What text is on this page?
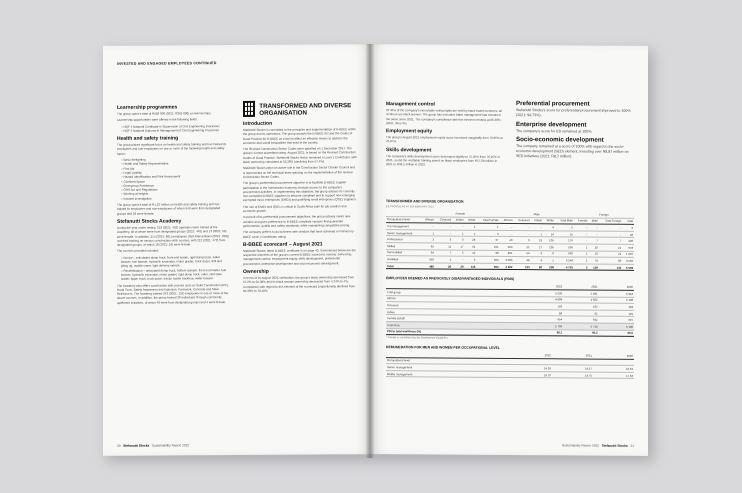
INVESTED AND ENGAGED EMPLOYEES CONTINUED
Learnership programmes

The group spent a total of R558 000 (2021: R265 000) on learnerships.

Learnership opportunities were offered in the following fields:

– NQF 4 National Certificate in Supervision of Civil Engineering Processes

– NQF 3 National Diploma in Management of Civil Engineering Processes

Health and safety training

The group places significant focus on health and safety training and has trained its employees and non-employees on one or more of the following health and safety topics:

– Basic firefighting

– Health and Safety Representative

– First Aid

– Legal Liability

– Hazard Identification and Risk Assessment

– Confined Space

– Emergency Assistance

– OHS Act and Regulations

– Working at heights

– Incident investigation

The group spent a total of R1,25 million on health and safety training and has trained its employees and non-employees of whom 949 were from designated groups and 28 were female.

Stefanutti Stocks Academy

During the year under review, 219 (2021: 452) operators were trained at the Academy, all of whom were from designated groups (2021: 440) and 13 (2021: 50) were female. In addition, 314 (2021: 681) employees (458 interventions (2021: 958)) received training on various construction skills courses, with 213 (2021: 472) from designated groups, of which 18 (2021: 54) were female.

The courses provided included:

– Novice – articulated dump truck, front end loader, rigid dump truck, water bowser, fuel bowser, hydraulic excavator, motor grader, truck dozer, drill and piling rig, mobile crane, light delivery vehicle.

– Recertification – articulated dump truck, bottom dumper, front end loader, fuel bowser, hydraulic excavator, motor grader, rigid dump truck, roller, skid steer loader, tipper truck, truck dozer, tractor loader backhoe, water bowser.

The Academy also offers construction skill courses such as Solid Construction (IPF), Hand Tools, Safety Awareness and Induction, Formwork, Concrete and Steel Reinforcers. The Academy trained 242 (2021: 134) employees in one or more of the above courses. In addition, the group trained 28 individuals through community upliftment initiatives, of which 46 were from designated groups and 4 were female.

TRANSFORMED AND DIVERSE ORGANISATION
Introduction

Stefanutti Stocks is committed to the principles and implementation of B-BBEE within the group and its operations. The group accepts the B-BBEE Act and the Codes of Good Practice for B-BBEE as a tool to effect an effective means to address the economic and social inequalities that exist in the country.

The Revised Construction Sector Codes were gazetted on 1 December 2017. The group's current accredited rating, August 2021, is based on the Revised Construction Codes of Good Practice. Stefanutti Stocks status remained a Level 1 Contributor, with black ownership calculated at 56,38% (declining from 57,4%).

Stefanutti Stocks plays an active role in the Construction Sector Charter Council and is represented on the technical team advising on the implementation of the revised Construction Sector Codes.

The group's preferential procurement objective is to facilitate B-BBEE supplier participation in the mainstream economy, through access to the company's procurement activities. In implementing this objective, the group advises its currently non-compliant B-BBEE suppliers to become compliant and to support new emerging exempted micro enterprises (EMEs) and qualifying small enterprises (QSE) suppliers.

The role of EMEs and QSEs is critical in South Africa both for job creation and economic growth.

In pursuit of its preferential procurement objectives, the group actively seeks new vendors and gives preference to B-BBEE compliant vendors that guarantee performance, quality and safety standards, while maintaining competitive pricing.

The company prefers to do business with vendors that have achieved a minimum B-BBEE Level 4 Contributor rating.

B-BBEE scorecard – August 2021

Stefanutti Stocks' latest B-BBEE certificate is on page 40. Summarised below are the respective elements of the group's current B-BBEE scorecard, namely: ownership, management control, employment equity, skills development, preferential procurement, enterprise development and socio-economic development.

Ownership

In terms of its August 2021 verification, the group's black ownership decreased from 57,2% to 56,38% and its black woman ownership decreased from 4,34% to 4%. Compliance with regard to this element of the scorecard proportionally declined from 95,38% to 79,48%.

20 Stefanutti Stocks Sustainability Report 2022
Management control

Of 40% of the company's executable voting rights are held by black board members, all of whom are black women. The group has executive black management has remained the same since 2021. The company's compliance with this element remains at 86,46% (2021: 86,57%).

Employment equity

The group's August 2021 employment equity score increased marginally from 70,65% to 70,87%.

Skills development

The company's skills development score decreased slightly to 75,05% from 76,25% in 2021, so did the verifiable training spend on black employees from R57,68 million in 2021 to R36,2 million in 2022.

Preferential procurement

Stefanutti Stocks's score for preferential procurement improved to 100% (2021: 94,73%).

Enterprise development

The company's score for ED remained at 100%.

Socio-economic development

The company remained at a score of 100% with regard to the socio-economic development (SED) element, investing over R8,87 million on SED initiatives (2021: R8,7 million).

TRANSFORMED AND DIVERSE ORGANISATION
EE PROFILE AS AT 28 FEBRUARY 2022
	Female					Male					Foreign			
Occupational level	African	Coloured	Indian	White	Total Female	African	Coloured	Indian	White	Total Male	Female	Male	Total Foreign	Total
Top management	–	–	–	1	1	–	–	–	4	5	–	–	–	6
Senior management	1	–	1	1	3	–	–	1	14	15	–	–	–	18
Professional	3	3	3	28	37	43	9	19	105	176	–	7	7	220
Skilled	62	11	17	61	151	353	22	27	105	506	1	20	21	678
Semi-skilled	64	7	5	22	98	831	54	9	9	903	1	23	24	1 025
Unskilled	356	5	–	3	364	3 095	48	4	1	3 148	1	79	80	3 592
Total	486	26	26	116	654	4 322	133	60	238	4 753	3	129	132	5 539
EMPLOYEES DEEMED AS PREVIOUSLY DISADVANTAGED INDIVIDUALS (PDIS)
	2022	2021	2020
Total group	5 539	5 481	5 944
African	4 808	4 822	5 198
Coloured	159	162	184
Indian	86	92	101
Female (total)*	654	642	697
Total PDIs	5 706	5 718	6 180
PDI to total workforce (%)	95,1	95,2	95,5
* Female is considered by the Employment Equity Act
REMUNERATION FOR MEN AND WOMEN PER OCCUPATIONAL LEVEL
	2022	2021	2020
Occupational level			
Senior management	14,18	14,57	16,81
Middle management	14,70	14,75	17,53
Sustainability Report 2022 Stefanutti Stocks 21
